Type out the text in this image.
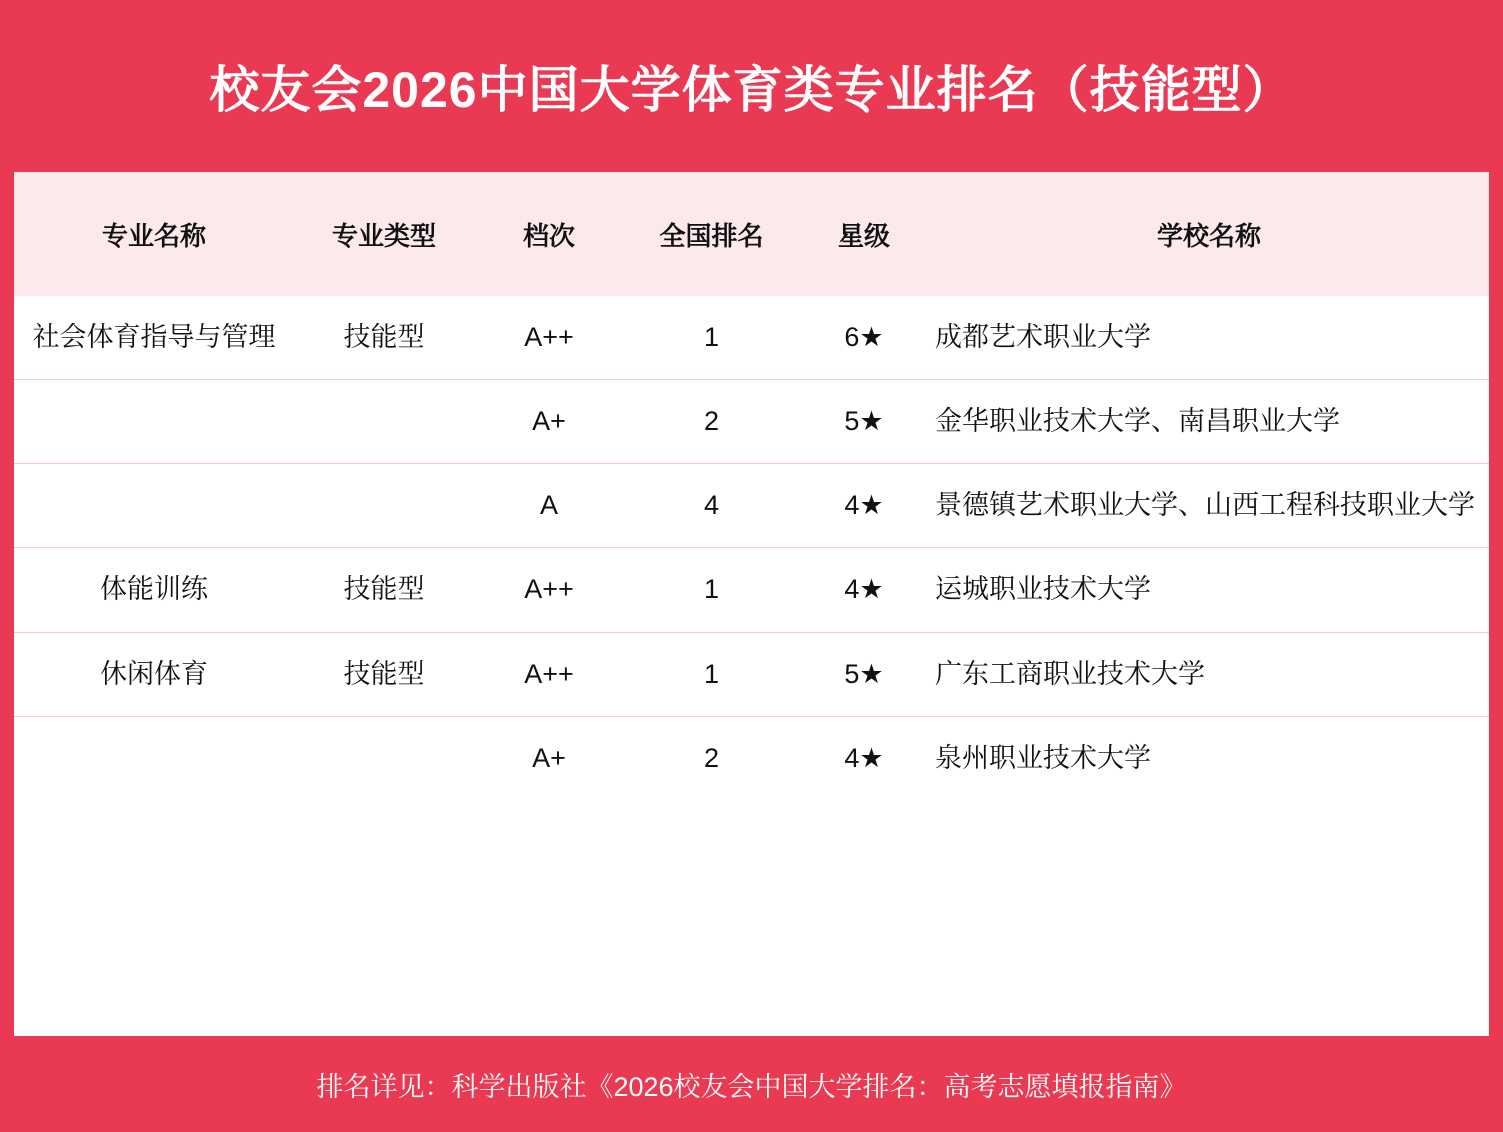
校友会2026中国大学体育类专业排名（技能型）
专业名称	专业类型	档次	全国排名	星级	学校名称
社会体育指导与管理	技能型	A++	1	6★	成都艺术职业大学
		A+	2	5★	金华职业技术大学、南昌职业大学
		A	4	4★	景德镇艺术职业大学、山西工程科技职业大学
体能训练	技能型	A++	1	4★	运城职业技术大学
休闲体育	技能型	A++	1	5★	广东工商职业技术大学
		A+	2	4★	泉州职业技术大学
排名详见：科学出版社《2026校友会中国大学排名：高考志愿填报指南》
